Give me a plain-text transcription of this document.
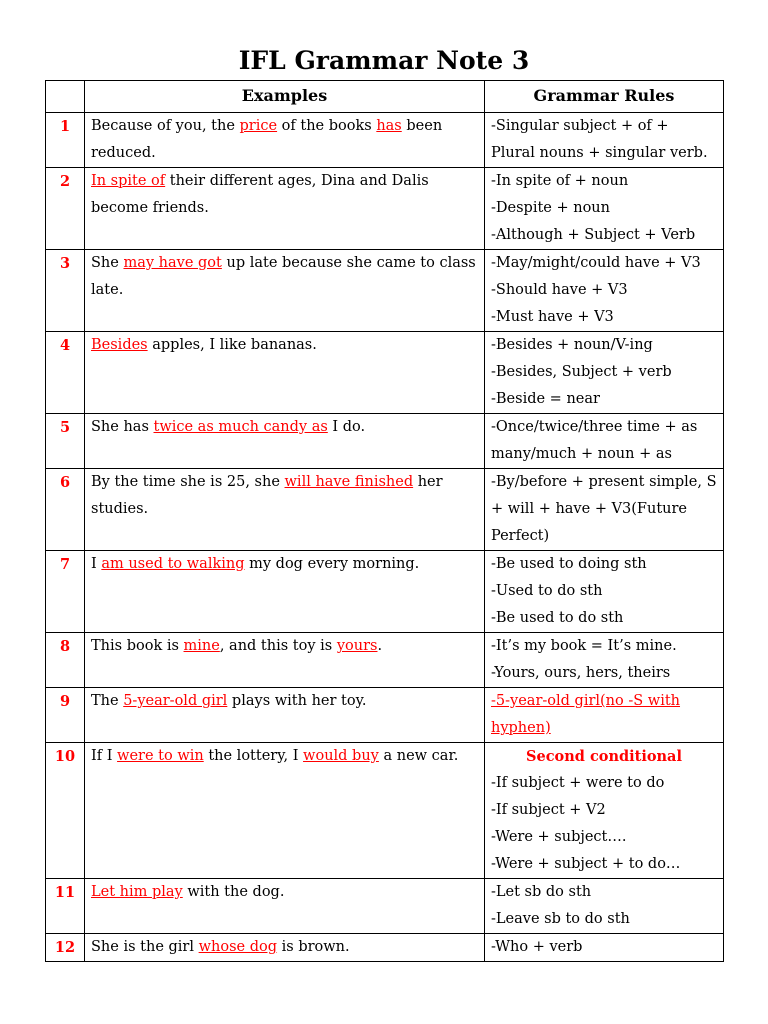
IFL Grammar Note 3
	Examples	Grammar Rules
1	Because of you, the price of the books has been reduced.	-Singular subject + of + Plural nouns + singular verb.

2	In spite of their different ages, Dina and Dalis become friends.	-In spite of + noun
-Despite + noun
-Although + Subject + Verb

3	She may have got up late because she came to class late.	-May/might/could have + V3
-Should have + V3
-Must have + V3

4	Besides apples, I like bananas.	-Besides + noun/V-ing
-Besides, Subject + verb
-Beside = near

5	She has twice as much candy as I do.	-Once/twice/three time + as many/much + noun + as

6	By the time she is 25, she will have finished her studies.	-By/before + present simple, S + will + have + V3(Future Perfect)

7	I am used to walking my dog every morning.	-Be used to doing sth
-Used to do sth
-Be used to do sth

8	This book is mine, and this toy is yours.	-It’s my book = It’s mine.
-Yours, ours, hers, theirs

9	The 5-year-old girl plays with her toy.	-5-year-old girl(no -S with hyphen)

10	If I were to win the lottery, I would buy a new car.	Second conditional
-If subject + were to do
-If subject + V2
-Were + subject….
-Were + subject + to do…

11	Let him play with the dog.	-Let sb do sth
-Leave sb to do sth

12	She is the girl whose dog is brown.	-Who + verb
